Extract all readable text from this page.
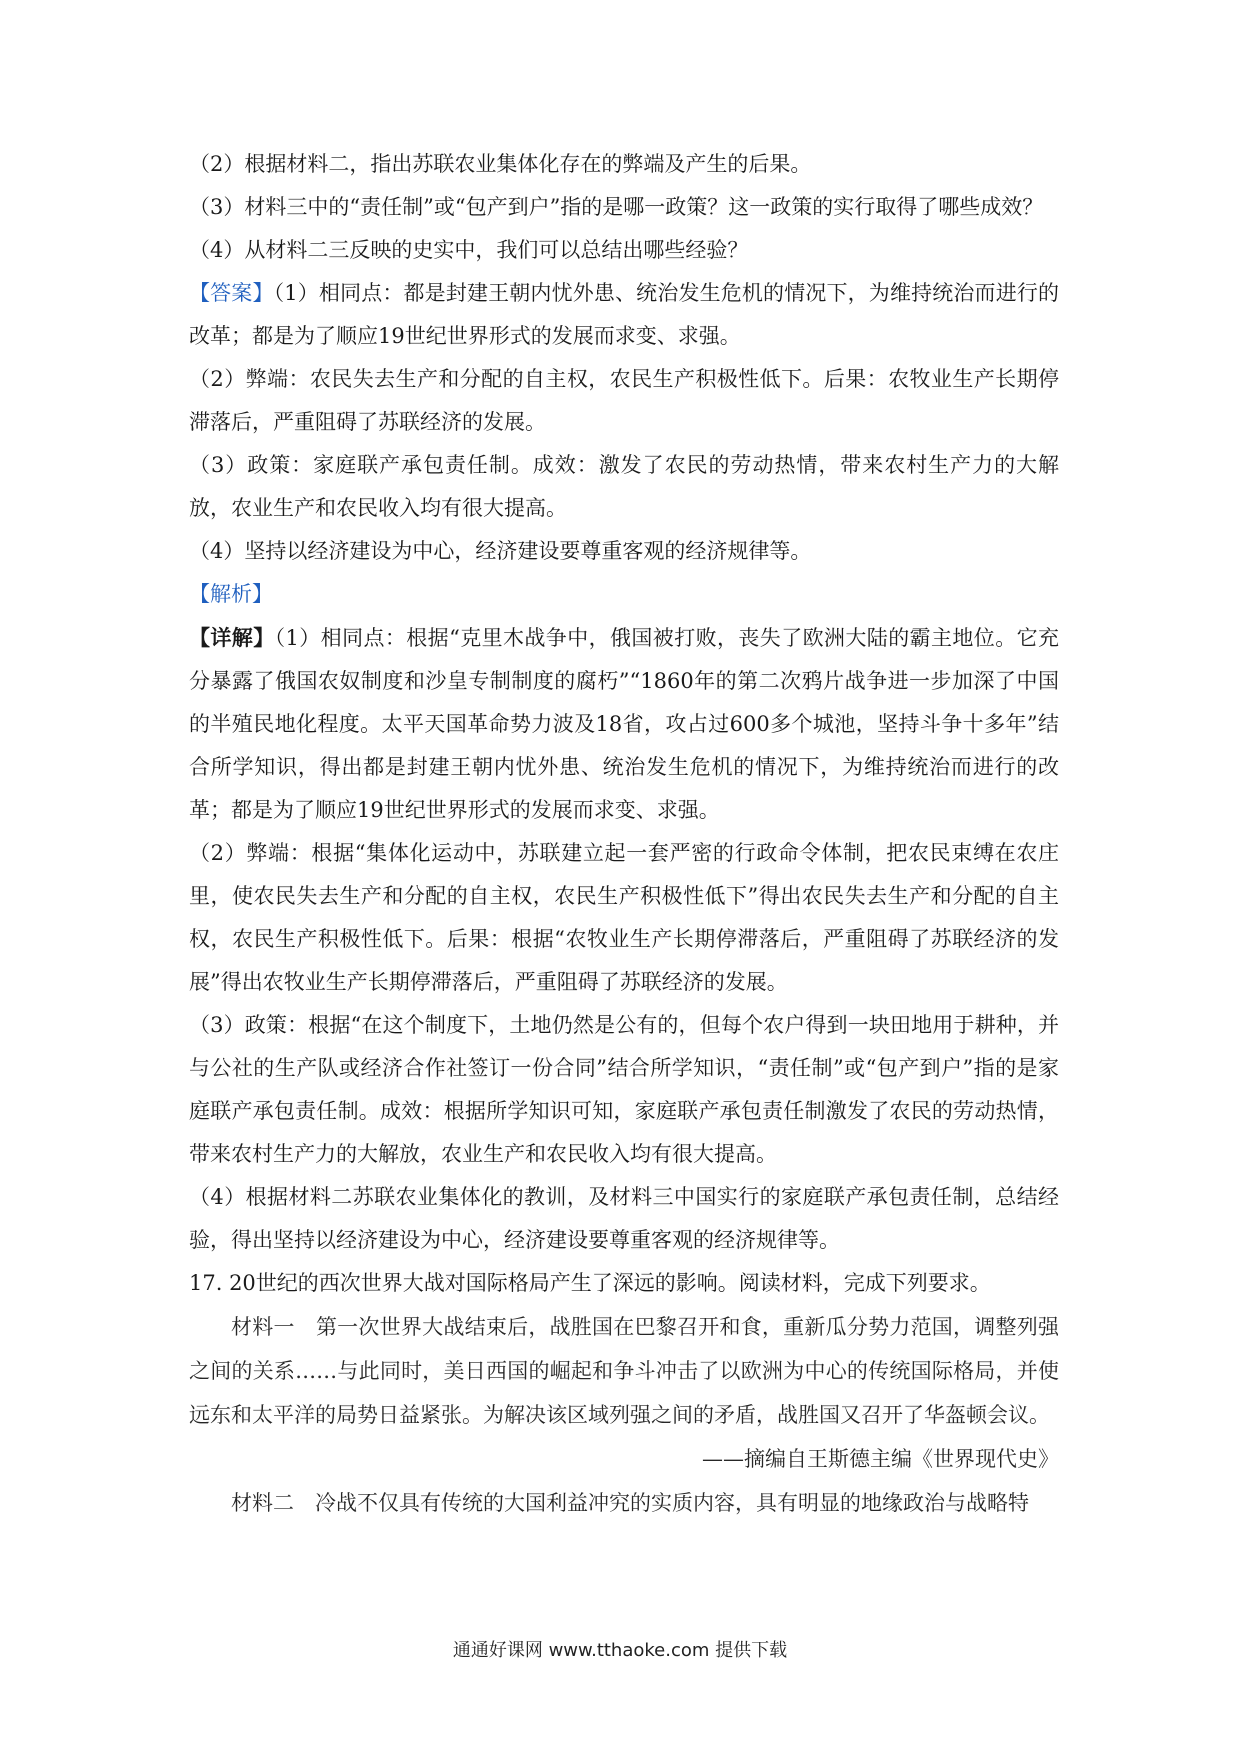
（2）根据材料二，指出苏联农业集体化存在的弊端及产生的后果。

（3）材料三中的“责任制”或“包产到户”指的是哪一政策？这一政策的实行取得了哪些成效？

（4）从材料二三反映的史实中，我们可以总结出哪些经验？

【答案】（1）相同点：都是封建王朝内忧外患、统治发生危机的情况下，为维持统治而进行的改革；都是为了顺应19世纪世界形式的发展而求变、求强。

（2）弊端：农民失去生产和分配的自主权，农民生产积极性低下。后果：农牧业生产长期停滞落后，严重阻碍了苏联经济的发展。

（3）政策：家庭联产承包责任制。成效：激发了农民的劳动热情，带来农村生产力的大解放，农业生产和农民收入均有很大提高。

（4）坚持以经济建设为中心，经济建设要尊重客观的经济规律等。

【解析】

【详解】（1）相同点：根据“克里木战争中，俄国被打败，丧失了欧洲大陆的霸主地位。它充分暴露了俄国农奴制度和沙皇专制制度的腐朽”“1860年的第二次鸦片战争进一步加深了中国的半殖民地化程度。太平天国革命势力波及18省，攻占过600多个城池，坚持斗争十多年”结合所学知识，得出都是封建王朝内忧外患、统治发生危机的情况下，为维持统治而进行的改革；都是为了顺应19世纪世界形式的发展而求变、求强。

（2）弊端：根据“集体化运动中，苏联建立起一套严密的行政命令体制，把农民束缚在农庄里，使农民失去生产和分配的自主权，农民生产积极性低下”得出农民失去生产和分配的自主权，农民生产积极性低下。后果：根据“农牧业生产长期停滞落后，严重阻碍了苏联经济的发展”得出农牧业生产长期停滞落后，严重阻碍了苏联经济的发展。

（3）政策：根据“在这个制度下，土地仍然是公有的，但每个农户得到一块田地用于耕种，并与公社的生产队或经济合作社签订一份合同”结合所学知识，“责任制”或“包产到户”指的是家庭联产承包责任制。成效：根据所学知识可知，家庭联产承包责任制激发了农民的劳动热情，带来农村生产力的大解放，农业生产和农民收入均有很大提高。

（4）根据材料二苏联农业集体化的教训，及材料三中国实行的家庭联产承包责任制，总结经验，得出坚持以经济建设为中心，经济建设要尊重客观的经济规律等。

17. 20世纪的西次世界大战对国际格局产生了深远的影响。阅读材料，完成下列要求。

材料一　第一次世界大战结束后，战胜国在巴黎召开和食，重新瓜分势力范国，调整列强之间的关系……与此同时，美日西国的崛起和争斗冲击了以欧洲为中心的传统国际格局，并使远东和太平洋的局势日益紧张。为解决该区域列强之间的矛盾，战胜国又召开了华盔顿会议。

——摘编自王斯德主编《世界现代史》

材料二　冷战不仅具有传统的大国利益冲究的实质内容，具有明显的地缘政治与战略特

通通好课网 www.tthaoke.com 提供下载
